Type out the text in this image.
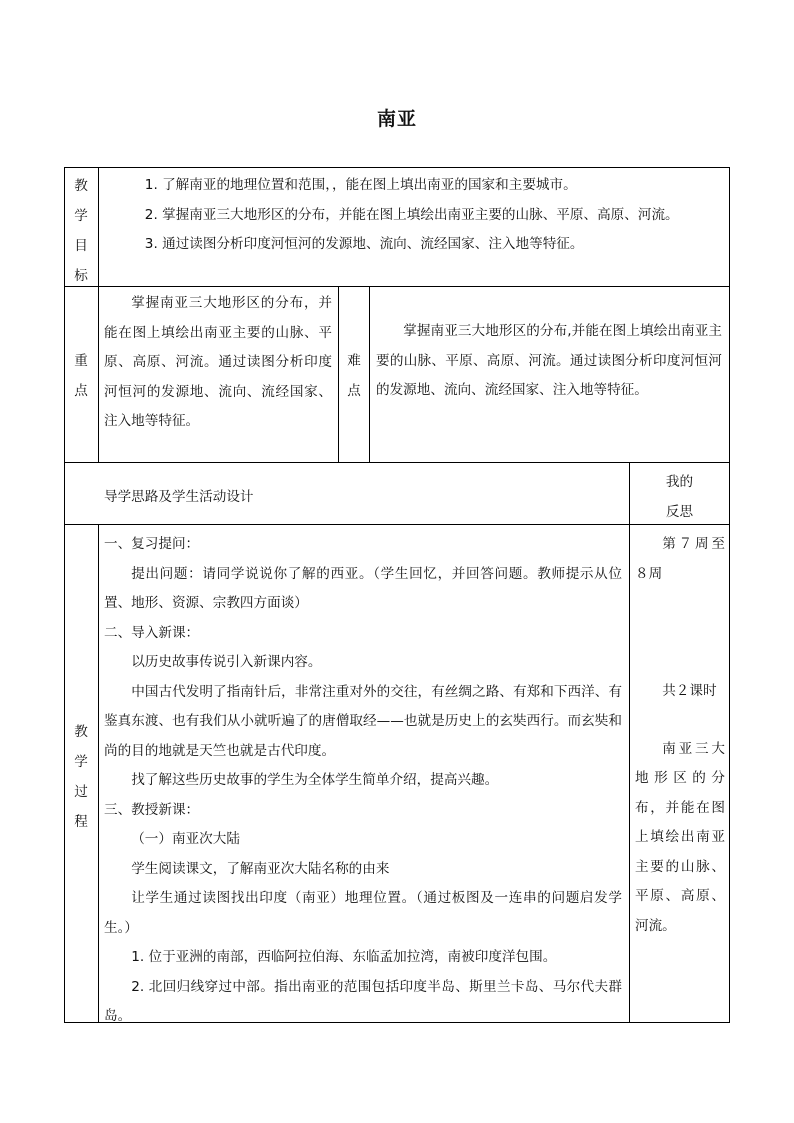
南亚
教
学
目
标

1. 了解南亚的地理位置和范围，，能在图上填出南亚的国家和主要城市。

2. 掌握南亚三大地形区的分布，并能在图上填绘出南亚主要的山脉、平原、高原、河流。

3. 通过读图分析印度河恒河的发源地、流向、流经国家、注入地等特征。

重
点

掌握南亚三大地形区的分布，并能在图上填绘出南亚主要的山脉、平原、高原、河流。通过读图分析印度河恒河的发源地、流向、流经国家、注入地等特征。

难
点

掌握南亚三大地形区的分布,并能在图上填绘出南亚主要的山脉、平原、高原、河流。通过读图分析印度河恒河的发源地、流向、流经国家、注入地等特征。

导学思路及学生活动设计
我的
反思
教
学
过
程

一、复习提问：

提出问题：请同学说说你了解的西亚。（学生回忆，并回答问题。教师提示从位置、地形、资源、宗教四方面谈）

二、导入新课：

以历史故事传说引入新课内容。

中国古代发明了指南针后，非常注重对外的交往，有丝绸之路、有郑和下西洋、有鉴真东渡、也有我们从小就听遍了的唐僧取经——也就是历史上的玄奘西行。而玄奘和尚的目的地就是天竺也就是古代印度。

找了解这些历史故事的学生为全体学生简单介绍，提高兴趣。

三、教授新课：

（一）南亚次大陆

学生阅读课文，了解南亚次大陆名称的由来

让学生通过读图找出印度（南亚）地理位置。（通过板图及一连串的问题启发学生。）

1. 位于亚洲的南部，西临阿拉伯海、东临孟加拉湾，南被印度洋包围。

2. 北回归线穿过中部。指出南亚的范围包括印度半岛、斯里兰卡岛、马尔代夫群岛。

第７周至８周

共２课时

南亚三大地形区的分布，并能在图上填绘出南亚主要的山脉、平原、高原、河流。
